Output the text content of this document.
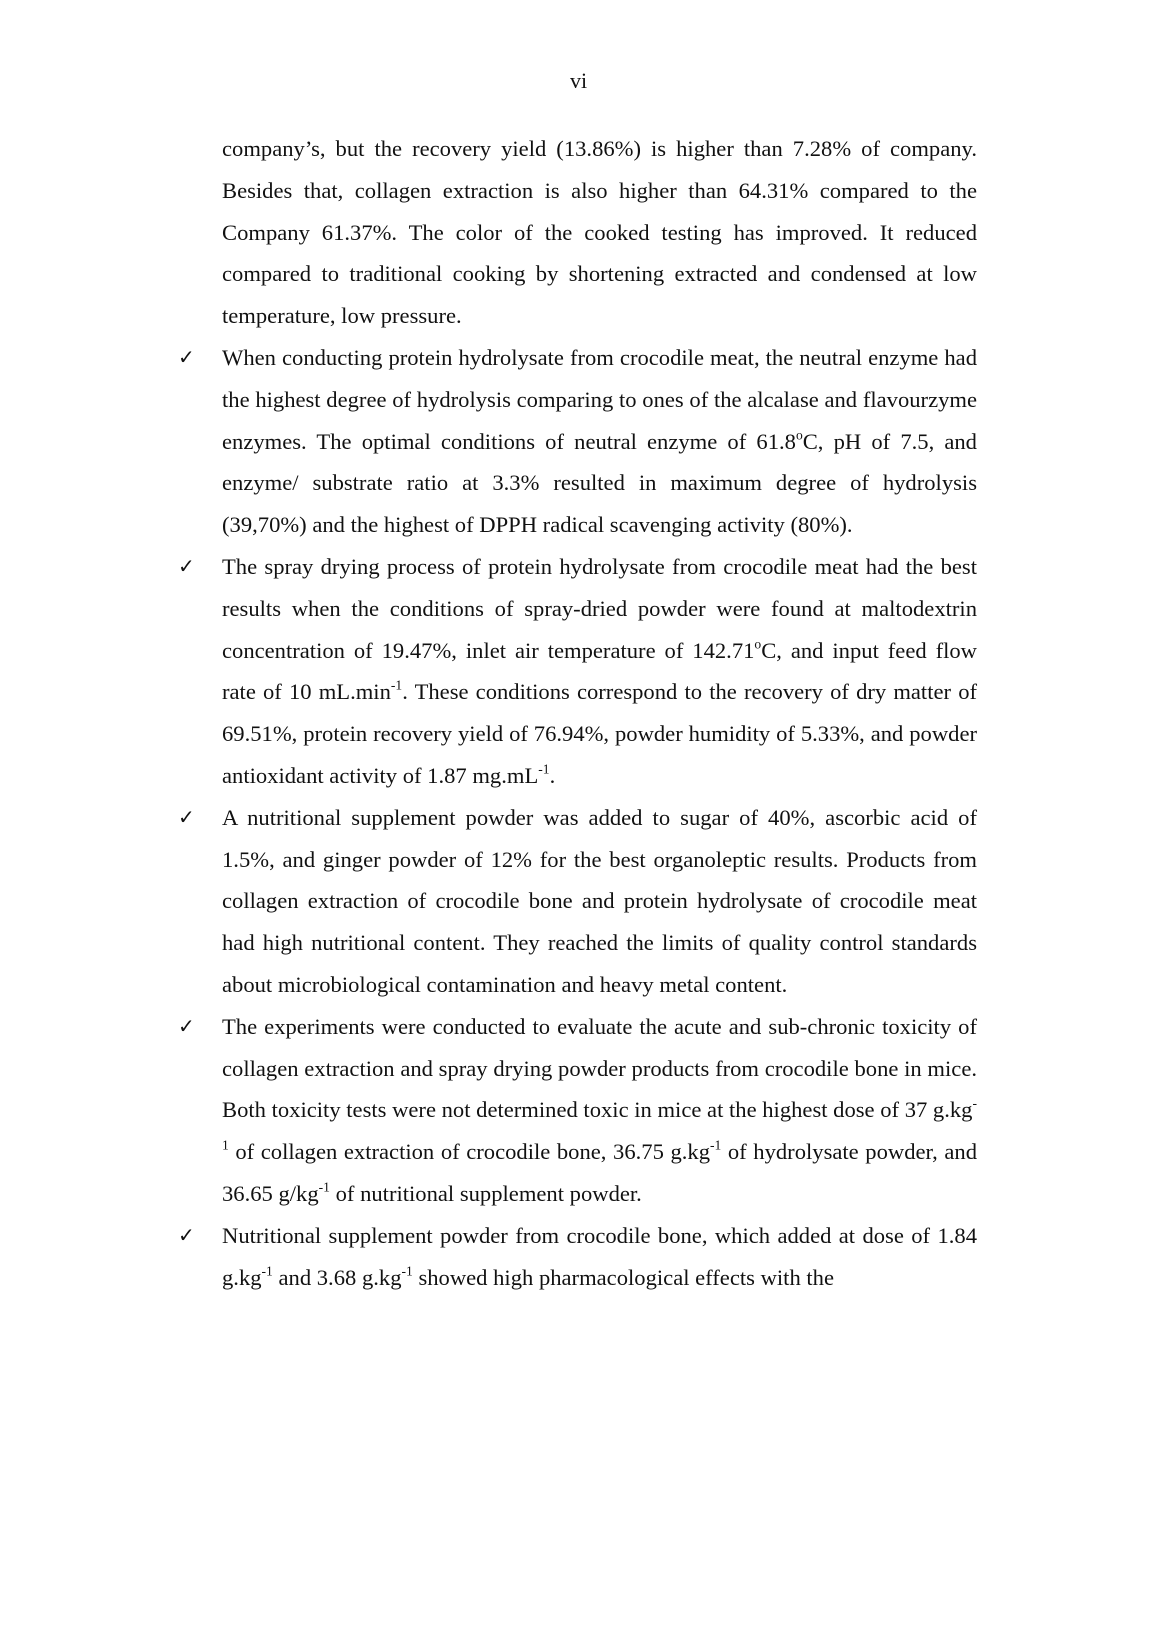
vi

company’s, but the recovery yield (13.86%) is higher than 7.28% of company. Besides that, collagen extraction is also higher than 64.31% compared to the Company 61.37%. The color of the cooked testing has improved. It reduced compared to traditional cooking by shortening extracted and condensed at low temperature, low pressure.

✓ When conducting protein hydrolysate from crocodile meat, the neutral enzyme had the highest degree of hydrolysis comparing to ones of the alcalase and flavourzyme enzymes. The optimal conditions of neutral enzyme of 61.8$^o$C, pH of 7.5, and enzyme/ substrate ratio at 3.3% resulted in maximum degree of hydrolysis (39,70%) and the highest of DPPH radical scavenging activity (80%).

✓ The spray drying process of protein hydrolysate from crocodile meat had the best results when the conditions of spray-dried powder were found at maltodextrin concentration of 19.47%, inlet air temperature of 142.71$^o$C, and input feed flow rate of 10 $mL.\min^{-1}$. These conditions correspond to the recovery of dry matter of 69.51%, protein recovery yield of 76.94%, powder humidity of 5.33%, and powder antioxidant activity of 1.87 $mg.mL^{-1}$.

✓ A nutritional supplement powder was added to sugar of 40%, ascorbic acid of 1.5%, and ginger powder of 12% for the best organoleptic results. Products from collagen extraction of crocodile bone and protein hydrolysate of crocodile meat had high nutritional content. They reached the limits of quality control standards about microbiological contamination and heavy metal content.

✓ The experiments were conducted to evaluate the acute and sub-chronic toxicity of collagen extraction and spray drying powder products from crocodile bone in mice. Both toxicity tests were not determined toxic in mice at the highest dose of 37 $g.kg^{-1}$ of collagen extraction of crocodile bone, 36.75 $g.kg^{-1}$ of hydrolysate powder, and 36.65 $g/kg^{-1}$ of nutritional supplement powder.

✓ Nutritional supplement powder from crocodile bone, which added at dose of 1.84 $g.kg^{-1}$ and 3.68 $g.kg^{-1}$ showed high pharmacological effects with the
